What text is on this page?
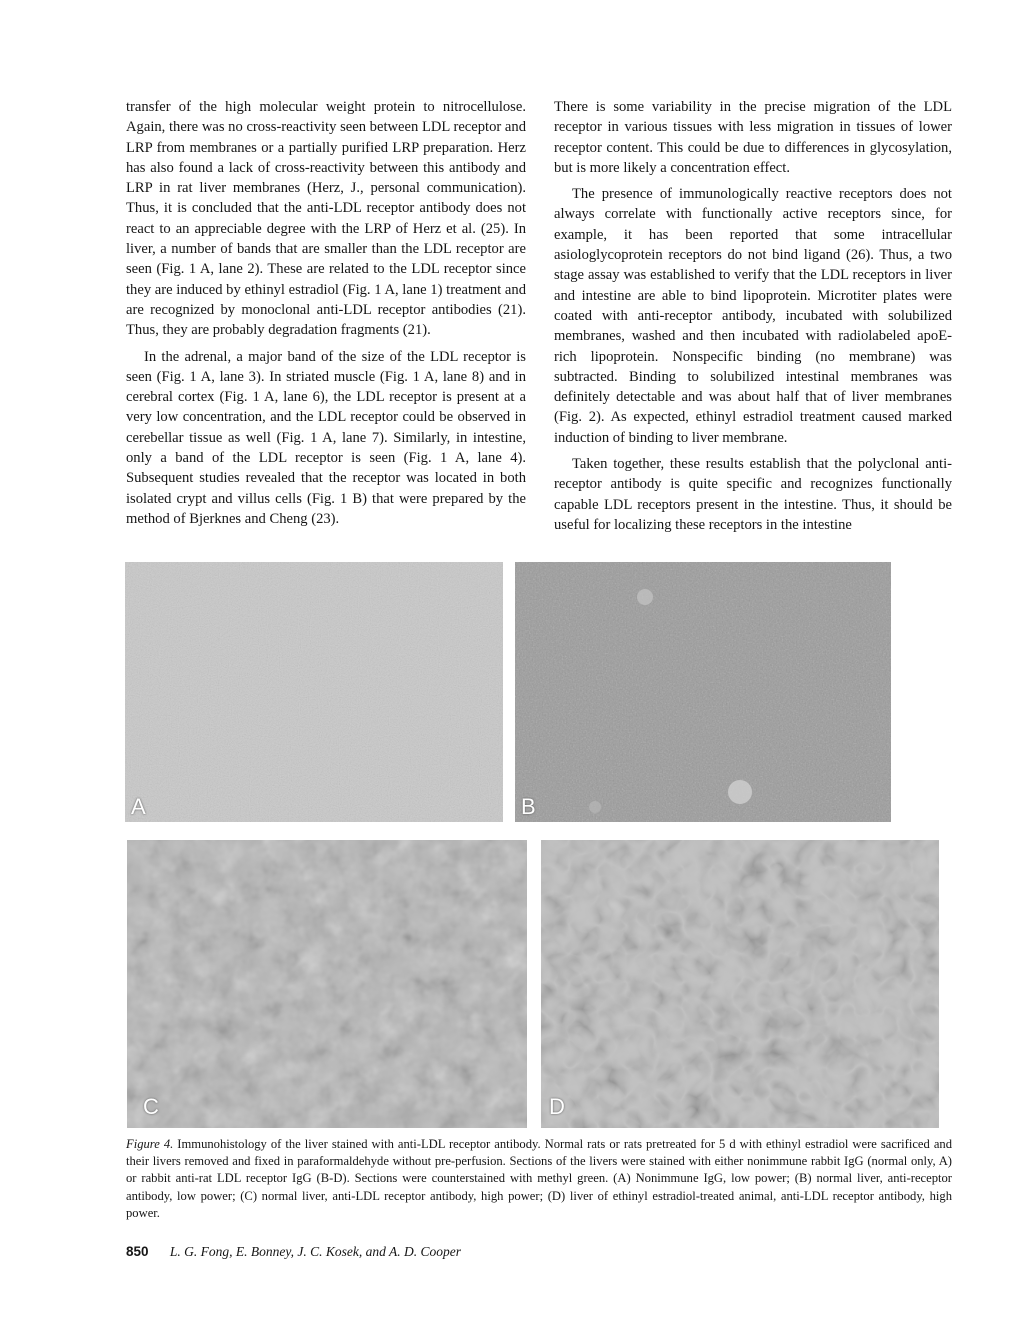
transfer of the high molecular weight protein to nitrocellulose. Again, there was no cross-reactivity seen between LDL receptor and LRP from membranes or a partially purified LRP preparation. Herz has also found a lack of cross-reactivity between this antibody and LRP in rat liver membranes (Herz, J., personal communication). Thus, it is concluded that the anti-LDL receptor antibody does not react to an appreciable degree with the LRP of Herz et al. (25). In liver, a number of bands that are smaller than the LDL receptor are seen (Fig. 1 A, lane 2). These are related to the LDL receptor since they are induced by ethinyl estradiol (Fig. 1 A, lane 1) treatment and are recognized by monoclonal anti-LDL receptor antibodies (21). Thus, they are probably degradation fragments (21).

In the adrenal, a major band of the size of the LDL receptor is seen (Fig. 1 A, lane 3). In striated muscle (Fig. 1 A, lane 8) and in cerebral cortex (Fig. 1 A, lane 6), the LDL receptor is present at a very low concentration, and the LDL receptor could be observed in cerebellar tissue as well (Fig. 1 A, lane 7). Similarly, in intestine, only a band of the LDL receptor is seen (Fig. 1 A, lane 4). Subsequent studies revealed that the receptor was located in both isolated crypt and villus cells (Fig. 1 B) that were prepared by the method of Bjerknes and Cheng (23).

There is some variability in the precise migration of the LDL receptor in various tissues with less migration in tissues of lower receptor content. This could be due to differences in glycosylation, but is more likely a concentration effect.

The presence of immunologically reactive receptors does not always correlate with functionally active receptors since, for example, it has been reported that some intracellular asiologlycoprotein receptors do not bind ligand (26). Thus, a two stage assay was established to verify that the LDL receptors in liver and intestine are able to bind lipoprotein. Microtiter plates were coated with anti-receptor antibody, incubated with solubilized membranes, washed and then incubated with radiolabeled apoE-rich lipoprotein. Nonspecific binding (no membrane) was subtracted. Binding to solubilized intestinal membranes was definitely detectable and was about half that of liver membranes (Fig. 2). As expected, ethinyl estradiol treatment caused marked induction of binding to liver membrane.

Taken together, these results establish that the polyclonal anti-receptor antibody is quite specific and recognizes functionally capable LDL receptors present in the intestine. Thus, it should be useful for localizing these receptors in the intestine

A	B
C	D
Figure 4. Immunohistology of the liver stained with anti-LDL receptor antibody. Normal rats or rats pretreated for 5 d with ethinyl estradiol were sacrificed and their livers removed and fixed in paraformaldehyde without pre-perfusion. Sections of the livers were stained with either nonimmune rabbit IgG (normal only, A) or rabbit anti-rat LDL receptor IgG (B-D). Sections were counterstained with methyl green. (A) Nonimmune IgG, low power; (B) normal liver, anti-receptor antibody, low power; (C) normal liver, anti-LDL receptor antibody, high power; (D) liver of ethinyl estradiol-treated animal, anti-LDL receptor antibody, high power.
850 L. G. Fong, E. Bonney, J. C. Kosek, and A. D. Cooper
